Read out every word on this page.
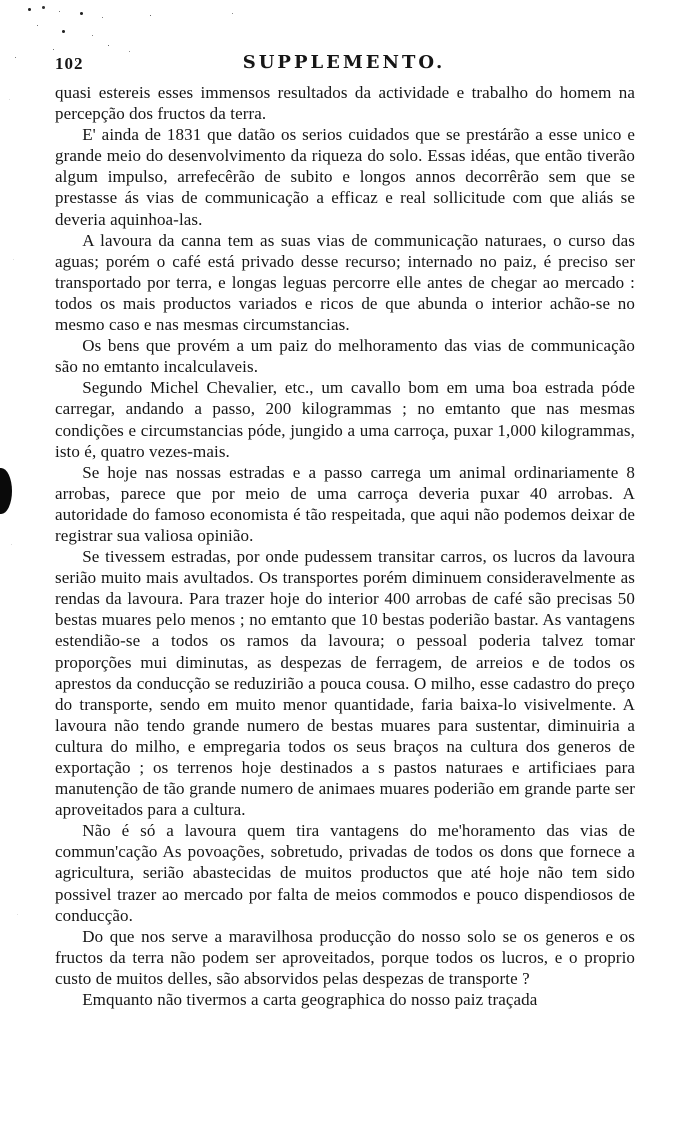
102	SUPPLEMENTO.

quasi estereis esses immensos resultados da actividade e trabalho do homem na percepção dos fructos da terra.

E' ainda de 1831 que datão os serios cuidados que se prestárão a esse unico e grande meio do desenvolvimento da riqueza do solo. Essas idéas, que então tiverão algum impulso, arrefecêrão de subito e longos annos decorrêrão sem que se prestasse ás vias de communicação a efficaz e real sollicitude com que aliás se deveria aquinhoa-las.

A lavoura da canna tem as suas vias de communicação naturaes, o curso das aguas; porém o café está privado desse recurso; internado no paiz, é preciso ser transportado por terra, e longas leguas percorre elle antes de chegar ao mercado : todos os mais productos variados e ricos de que abunda o interior achão-se no mesmo caso e nas mesmas circumstancias.

Os bens que provém a um paiz do melhoramento das vias de communicação são no emtanto incalculaveis.

Segundo Michel Chevalier, etc., um cavallo bom em uma boa estrada póde carregar, andando a passo, 200 kilogrammas ; no emtanto que nas mesmas condições e circumstancias póde, jungido a uma carroça, puxar 1,000 kilogrammas, isto é, quatro vezes-mais.

Se hoje nas nossas estradas e a passo carrega um animal ordinariamente 8 arrobas, parece que por meio de uma carroça deveria puxar 40 arrobas. A autoridade do famoso economista é tão respeitada, que aqui não podemos deixar de registrar sua valiosa opinião.

Se tivessem estradas, por onde pudessem transitar carros, os lucros da lavoura serião muito mais avultados. Os transportes porém diminuem consideravelmente as rendas da lavoura. Para trazer hoje do interior 400 arrobas de café são precisas 50 bestas muares pelo menos ; no emtanto que 10 bestas poderião bastar. As vantagens estendião-se a todos os ramos da lavoura; o pessoal poderia talvez tomar proporções mui diminutas, as despezas de ferragem, de arreios e de todos os aprestos da conducção se reduzirião a pouca cousa. O milho, esse cadastro do preço do transporte, sendo em muito menor quantidade, faria baixa-lo visivelmente. A lavoura não tendo grande numero de bestas muares para sustentar, diminuiria a cultura do milho, e empregaria todos os seus braços na cultura dos generos de exportação ; os terrenos hoje destinados a s pastos naturaes e artificiaes para manutenção de tão grande numero de animaes muares poderião em grande parte ser aproveitados para a cultura.

Não é só a lavoura quem tira vantagens do me'horamento das vias de commun'cação As povoações, sobretudo, privadas de todos os dons que fornece a agricultura, serião abastecidas de muitos productos que até hoje não tem sido possivel trazer ao mercado por falta de meios commodos e pouco dispendiosos de conducção.

Do que nos serve a maravilhosa producção do nosso solo se os generos e os fructos da terra não podem ser aproveitados, porque todos os lucros, e o proprio custo de muitos delles, são absorvidos pelas despezas de transporte ?

Emquanto não tivermos a carta geographica do nosso paiz traçada
